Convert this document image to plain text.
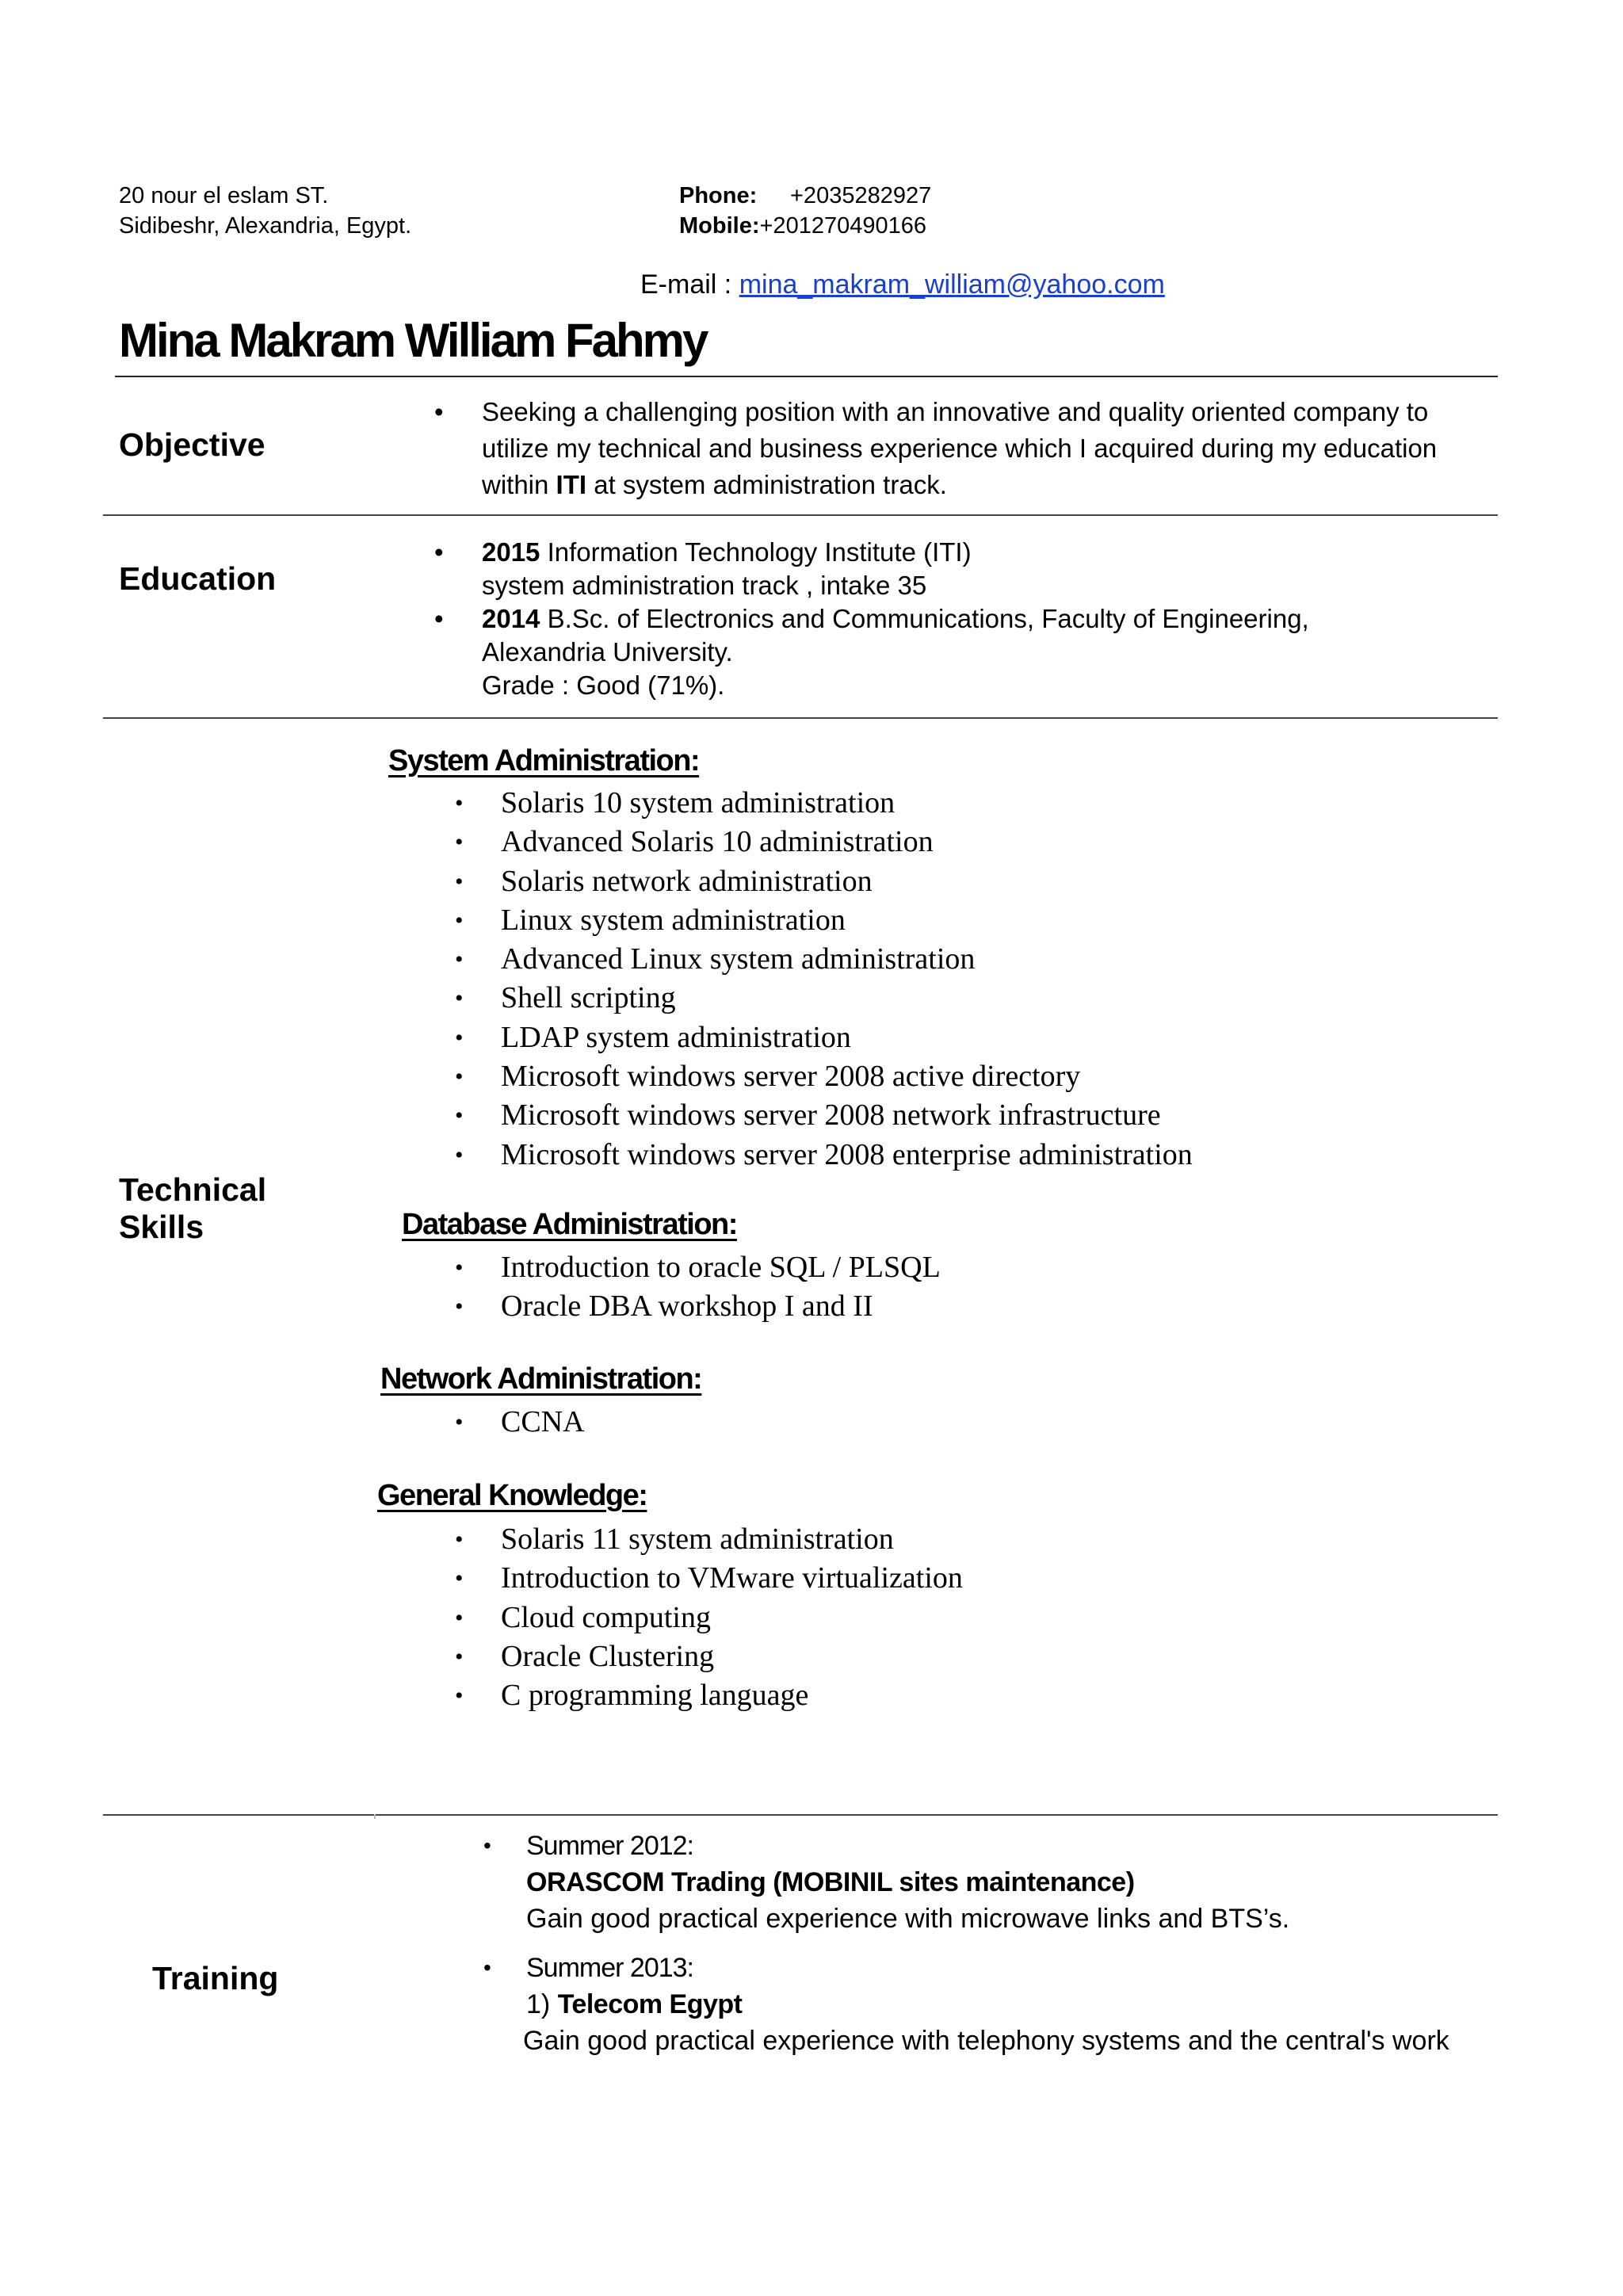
20 nour el eslam ST.
Sidibeshr, Alexandria, Egypt.
Phone: +2035282927
Mobile:+201270490166
E-mail : mina_makram_william@yahoo.com
Mina Makram William Fahmy
Objective
• Seeking a challenging position with an innovative and quality oriented company to
utilize my technical and business experience which I acquired during my education
within ITI at system administration track.
Education
• 2015 Information Technology Institute (ITI)
system administration track , intake 35
• 2014 B.Sc. of Electronics and Communications, Faculty of Engineering,
Alexandria University.
Grade : Good (71%).
Technical
Skills
System Administration:
• Solaris 10 system administration
• Advanced Solaris 10 administration
• Solaris network administration
• Linux system administration
• Advanced Linux system administration
• Shell scripting
• LDAP system administration
• Microsoft windows server 2008 active directory
• Microsoft windows server 2008 network infrastructure
• Microsoft windows server 2008 enterprise administration
Database Administration:
• Introduction to oracle SQL / PLSQL
• Oracle DBA workshop I and II
Network Administration:
• CCNA
General Knowledge:
• Solaris 11 system administration
• Introduction to VMware virtualization
• Cloud computing
• Oracle Clustering
• C programming language
Training
• Summer 2012:
ORASCOM Trading (MOBINIL sites maintenance)
Gain good practical experience with microwave links and BTS’s.
• Summer 2013:
1) Telecom Egypt
Gain good practical experience with telephony systems and the central's work
